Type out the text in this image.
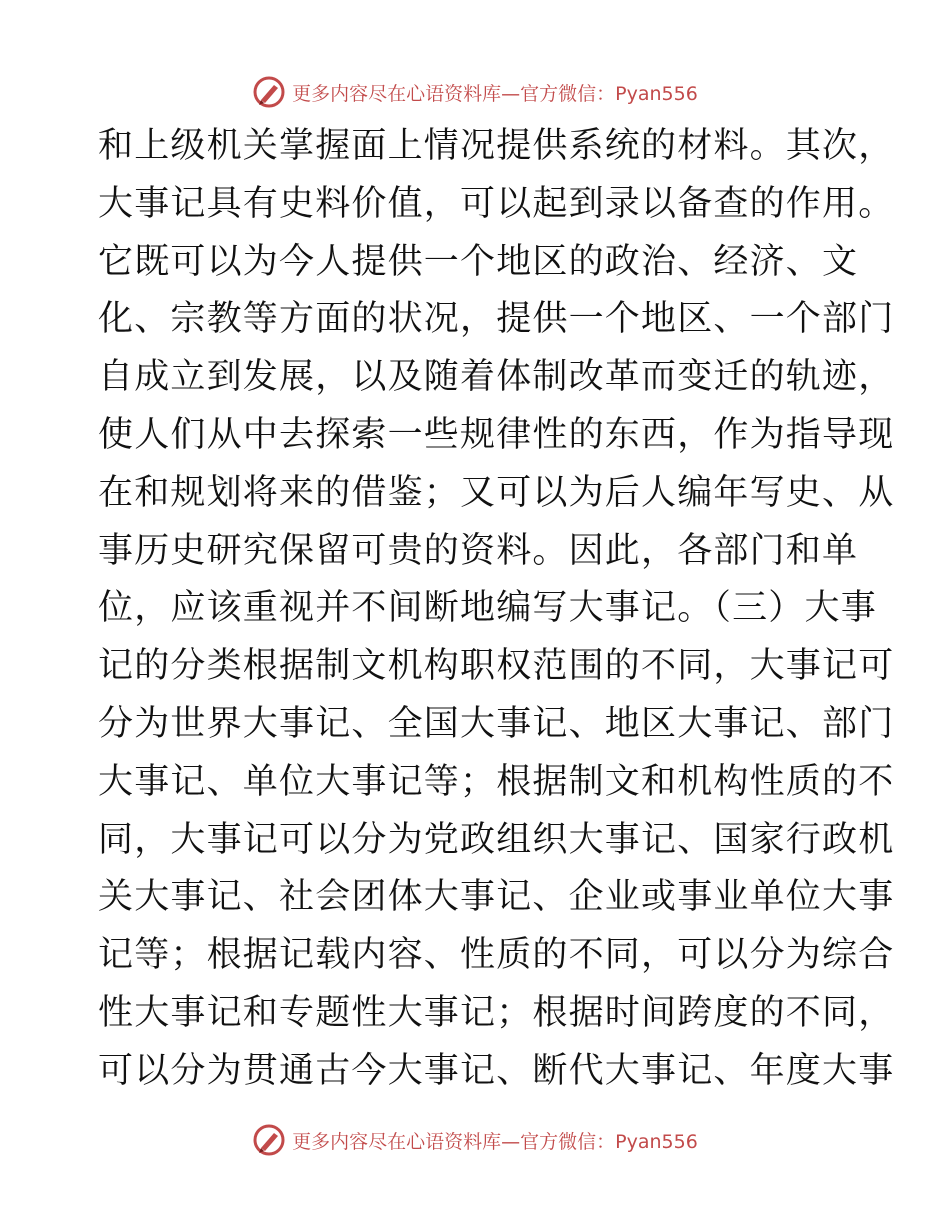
更多内容尽在心语资料库—官方微信：Pyan556
和上级机关掌握面上情况提供系统的材料。其次，
大事记具有史料价值，可以起到录以备查的作用。
它既可以为今人提供一个地区的政治、经济、文
化、宗教等方面的状况，提供一个地区、一个部门
自成立到发展，以及随着体制改革而变迁的轨迹，
使人们从中去探索一些规律性的东西，作为指导现
在和规划将来的借鉴；又可以为后人编年写史、从
事历史研究保留可贵的资料。因此，各部门和单
位，应该重视并不间断地编写大事记。（三）大事
记的分类根据制文机构职权范围的不同，大事记可
分为世界大事记、全国大事记、地区大事记、部门
大事记、单位大事记等；根据制文和机构性质的不
同，大事记可以分为党政组织大事记、国家行政机
关大事记、社会团体大事记、企业或事业单位大事
记等；根据记载内容、性质的不同，可以分为综合
性大事记和专题性大事记；根据时间跨度的不同，
可以分为贯通古今大事记、断代大事记、年度大事
更多内容尽在心语资料库—官方微信：Pyan556
